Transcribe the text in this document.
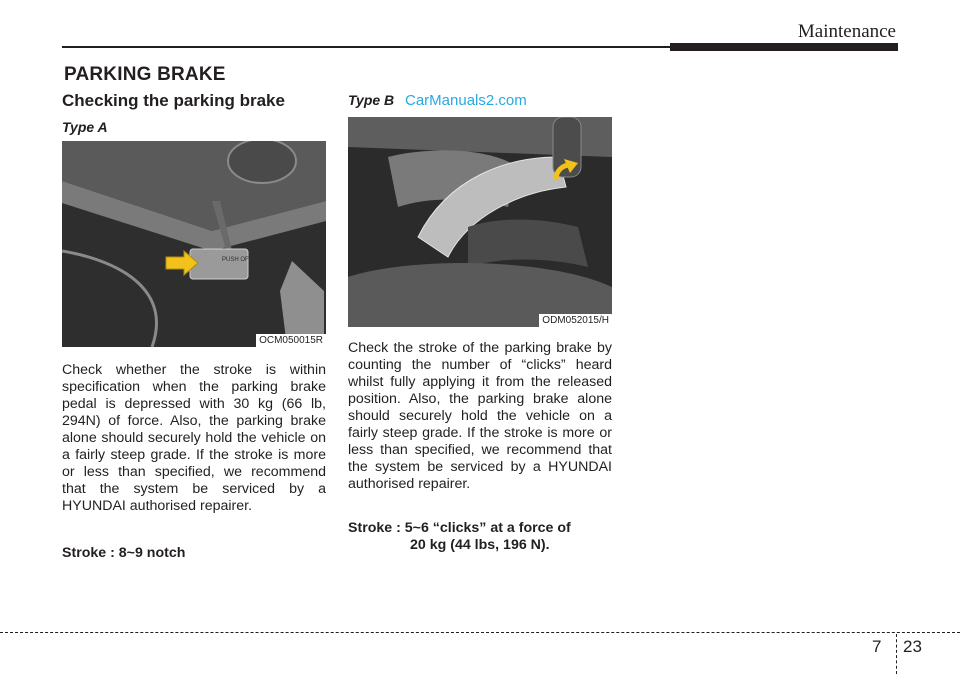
Maintenance
PARKING BRAKE
Checking the parking brake
Type A
PUSH OFF
OCM050015R

Check whether the stroke is within specification when the parking brake pedal is depressed with 30 kg (66 lb, 294N) of force. Also, the parking brake alone should securely hold the vehicle on a fairly steep grade. If the stroke is more or less than specified, we recommend that the system be serviced by a HYUNDAI authorised repairer.

Stroke : 8~9 notch
Type B CarManuals2.com
ODM052015/H

Check the stroke of the parking brake by counting the number of “clicks” heard whilst fully applying it from the released position. Also, the parking brake alone should securely hold the vehicle on a fairly steep grade. If the stroke is more or less than specified, we recommend that the system be serviced by a HYUNDAI authorised repairer.

Stroke : 5~6 “clicks” at a force of
20 kg (44 lbs, 196 N).
7 23
